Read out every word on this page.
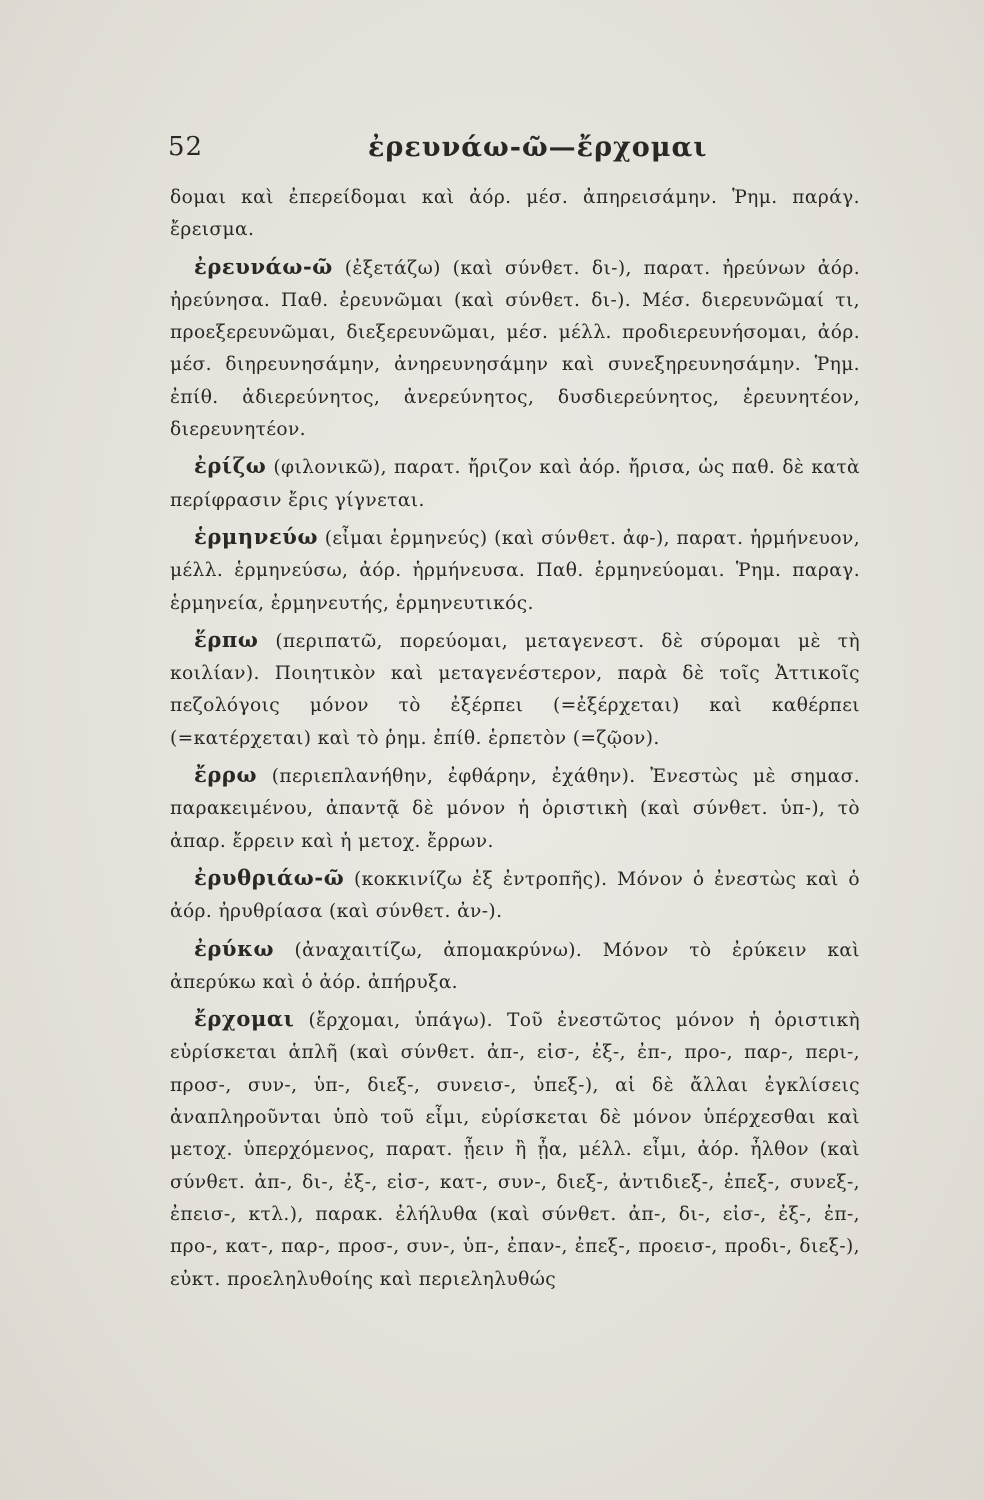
52	ἐρευνάω-ῶ—ἔρχομαι

δομαι καὶ ἐπερείδομαι καὶ ἀόρ. μέσ. ἀπηρεισάμην. Ῥημ. παράγ. ἔρεισμα.

ἐρευνάω-ῶ (ἐξετάζω) (καὶ σύνθετ. δι-), παρατ. ἠρεύνων ἀόρ. ἠρεύνησα. Παθ. ἐρευνῶμαι (καὶ σύνθετ. δι-). Μέσ. διερευνῶμαί τι, προεξερευνῶμαι, διεξερευνῶμαι, μέσ. μέλλ. προδιερευνήσομαι, ἀόρ. μέσ. διηρευνησάμην, ἀνηρευνησάμην καὶ συνεξηρευνησάμην. Ῥημ. ἐπίθ. ἀδιερεύνητος, ἀνερεύνητος, δυσδιερεύνητος, ἐρευνητέον, διερευνητέον.

ἐρίζω (φιλονικῶ), παρατ. ἤριζον καὶ ἀόρ. ἤρισα, ὡς παθ. δὲ κατὰ περίφρασιν ἔρις γίγνεται.

ἑρμηνεύω (εἶμαι ἑρμηνεύς) (καὶ σύνθετ. ἀφ-), παρατ. ἡρμήνευον, μέλλ. ἑρμηνεύσω, ἀόρ. ἡρμήνευσα. Παθ. ἑρμηνεύομαι. Ῥημ. παραγ. ἑρμηνεία, ἑρμηνευτής, ἑρμηνευτικός.

ἕρπω (περιπατῶ, πορεύομαι, μεταγενεστ. δὲ σύρομαι μὲ τὴ κοιλίαν). Ποιητικὸν καὶ μεταγενέστερον, παρὰ δὲ τοῖς Ἀττικοῖς πεζολόγοις μόνον τὸ ἐξέρπει (=ἐξέρχεται) καὶ καθέρπει (=κατέρχεται) καὶ τὸ ῥημ. ἐπίθ. ἑρπετὸν (=ζῷον).

ἔρρω (περιεπλανήθην, ἐφθάρην, ἐχάθην). Ἐνεστὼς μὲ σημασ. παρακειμένου, ἀπαντᾷ δὲ μόνον ἡ ὁριστικὴ (καὶ σύνθετ. ὑπ-), τὸ ἀπαρ. ἔρρειν καὶ ἡ μετοχ. ἔρρων.

ἐρυθριάω-ῶ (κοκκινίζω ἐξ ἐντροπῆς). Μόνον ὁ ἐνεστὼς καὶ ὁ ἀόρ. ἠρυθρίασα (καὶ σύνθετ. ἀν-).

ἐρύκω (ἀναχαιτίζω, ἀπομακρύνω). Μόνον τὸ ἐρύκειν καὶ ἀπερύκω καὶ ὁ ἀόρ. ἀπήρυξα.

ἔρχομαι (ἔρχομαι, ὑπάγω). Τοῦ ἐνεστῶτος μόνον ἡ ὁριστικὴ εὑρίσκεται ἁπλῆ (καὶ σύνθετ. ἀπ-, εἰσ-, ἐξ-, ἐπ-, προ-, παρ-, περι-, προσ-, συν-, ὑπ-, διεξ-, συνεισ-, ὑπεξ-), αἱ δὲ ἄλλαι ἐγκλίσεις ἀναπληροῦνται ὑπὸ τοῦ εἶμι, εὑρίσκεται δὲ μόνον ὑπέρχεσθαι καὶ μετοχ. ὑπερχόμενος, παρατ. ᾖειν ἢ ᾖα, μέλλ. εἶμι, ἀόρ. ἦλθον (καὶ σύνθετ. ἀπ-, δι-, ἐξ-, εἰσ-, κατ-, συν-, διεξ-, ἀντιδιεξ-, ἐπεξ-, συνεξ-, ἐπεισ-, κτλ.), παρακ. ἐλήλυθα (καὶ σύνθετ. ἀπ-, δι-, εἰσ-, ἐξ-, ἐπ-, προ-, κατ-, παρ-, προσ-, συν-, ὑπ-, ἐπαν-, ἐπεξ-, προεισ-, προδι-, διεξ-), εὐκτ. προεληλυθοίης καὶ περιεληλυθώς
